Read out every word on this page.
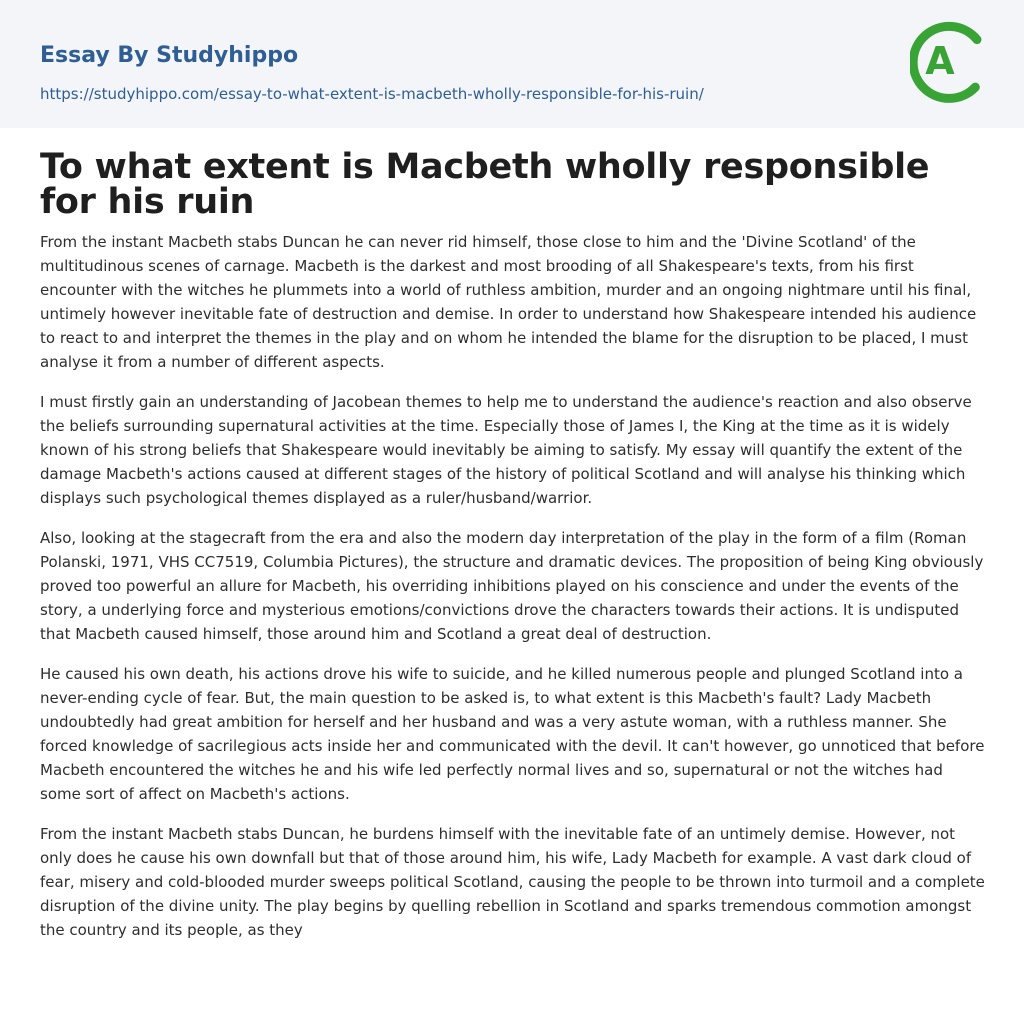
Essay By Studyhippo
https://studyhippo.com/essay-to-what-extent-is-macbeth-wholly-responsible-for-his-ruin/
A
To what extent is Macbeth wholly responsible for his ruin

From the instant Macbeth stabs Duncan he can never rid himself, those close to him and the 'Divine Scotland' of the multitudinous scenes of carnage. Macbeth is the darkest and most brooding of all Shakespeare's texts, from his first encounter with the witches he plummets into a world of ruthless ambition, murder and an ongoing nightmare until his final, untimely however inevitable fate of destruction and demise. In order to understand how Shakespeare intended his audience to react to and interpret the themes in the play and on whom he intended the blame for the disruption to be placed, I must analyse it from a number of different aspects.

I must firstly gain an understanding of Jacobean themes to help me to understand the audience's reaction and also observe the beliefs surrounding supernatural activities at the time. Especially those of James I, the King at the time as it is widely known of his strong beliefs that Shakespeare would inevitably be aiming to satisfy. My essay will quantify the extent of the damage Macbeth's actions caused at different stages of the history of political Scotland and will analyse his thinking which displays such psychological themes displayed as a ruler/husband/warrior.

Also, looking at the stagecraft from the era and also the modern day interpretation of the play in the form of a film (Roman Polanski, 1971, VHS CC7519, Columbia Pictures), the structure and dramatic devices. The proposition of being King obviously proved too powerful an allure for Macbeth, his overriding inhibitions played on his conscience and under the events of the story, a underlying force and mysterious emotions/convictions drove the characters towards their actions. It is undisputed that Macbeth caused himself, those around him and Scotland a great deal of destruction.

He caused his own death, his actions drove his wife to suicide, and he killed numerous people and plunged Scotland into a never-ending cycle of fear. But, the main question to be asked is, to what extent is this Macbeth's fault? Lady Macbeth undoubtedly had great ambition for herself and her husband and was a very astute woman, with a ruthless manner. She forced knowledge of sacrilegious acts inside her and communicated with the devil. It can't however, go unnoticed that before Macbeth encountered the witches he and his wife led perfectly normal lives and so, supernatural or not the witches had some sort of affect on Macbeth's actions.

From the instant Macbeth stabs Duncan, he burdens himself with the inevitable fate of an untimely demise. However, not only does he cause his own downfall but that of those around him, his wife, Lady Macbeth for example. A vast dark cloud of fear, misery and cold-blooded murder sweeps political Scotland, causing the people to be thrown into turmoil and a complete disruption of the divine unity. The play begins by quelling rebellion in Scotland and sparks tremendous commotion amongst the country and its people, as they
